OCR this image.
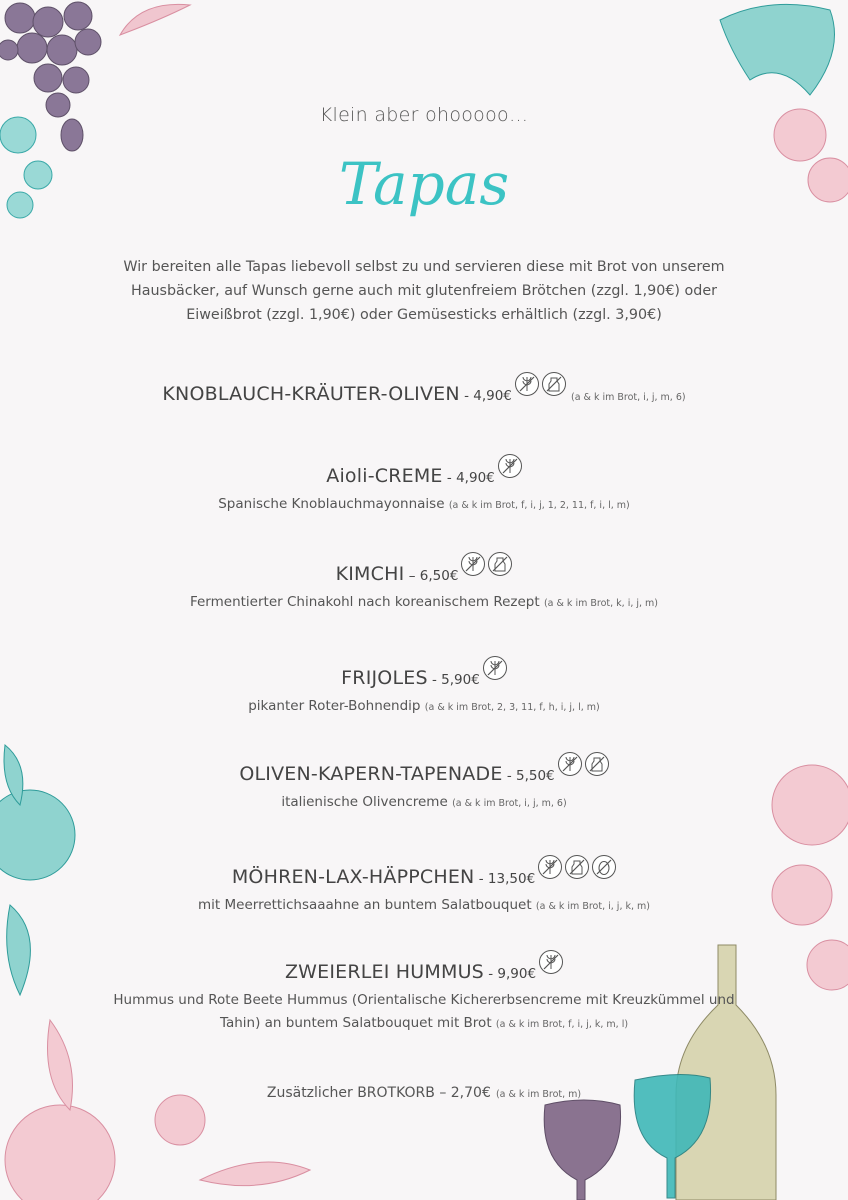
Klein aber ohooooo…
Tapas
Wir bereiten alle Tapas liebevoll selbst zu und servieren diese mit Brot von unserem Hausbäcker, auf Wunsch gerne auch mit glutenfreiem Brötchen (zzgl. 1,90€) oder Eiweißbrot (zzgl. 1,90€) oder Gemüsesticks erhältlich (zzgl. 3,90€)
KNOBLAUCH-KRÄUTER-OLIVEN - 4,90€	(a & k im Brot, i, j, m, 6)
Aioli-CREME - 4,90€
Spanische Knoblauchmayonnaise (a & k im Brot, f, i, j, 1, 2, 11, f, i, l, m)
KIMCHI – 6,50€
Fermentierter Chinakohl nach koreanischem Rezept (a & k im Brot, k, i, j, m)
FRIJOLES - 5,90€
pikanter Roter-Bohnendip (a & k im Brot, 2, 3, 11, f, h, i, j, l, m)
OLIVEN-KAPERN-TAPENADE - 5,50€
italienische Olivencreme (a & k im Brot, i, j, m, 6)
MÖHREN-LAX-HÄPPCHEN - 13,50€
mit Meerrettichsaaahne an buntem Salatbouquet (a & k im Brot, i, j, k, m)
ZWEIERLEI HUMMUS - 9,90€
Hummus und Rote Beete Hummus (Orientalische Kichererbsencreme mit Kreuzkümmel und Tahin) an buntem Salatbouquet mit Brot (a & k im Brot, f, i, j, k, m, l)
Zusätzlicher BROTKORB – 2,70€ (a & k im Brot, m)
